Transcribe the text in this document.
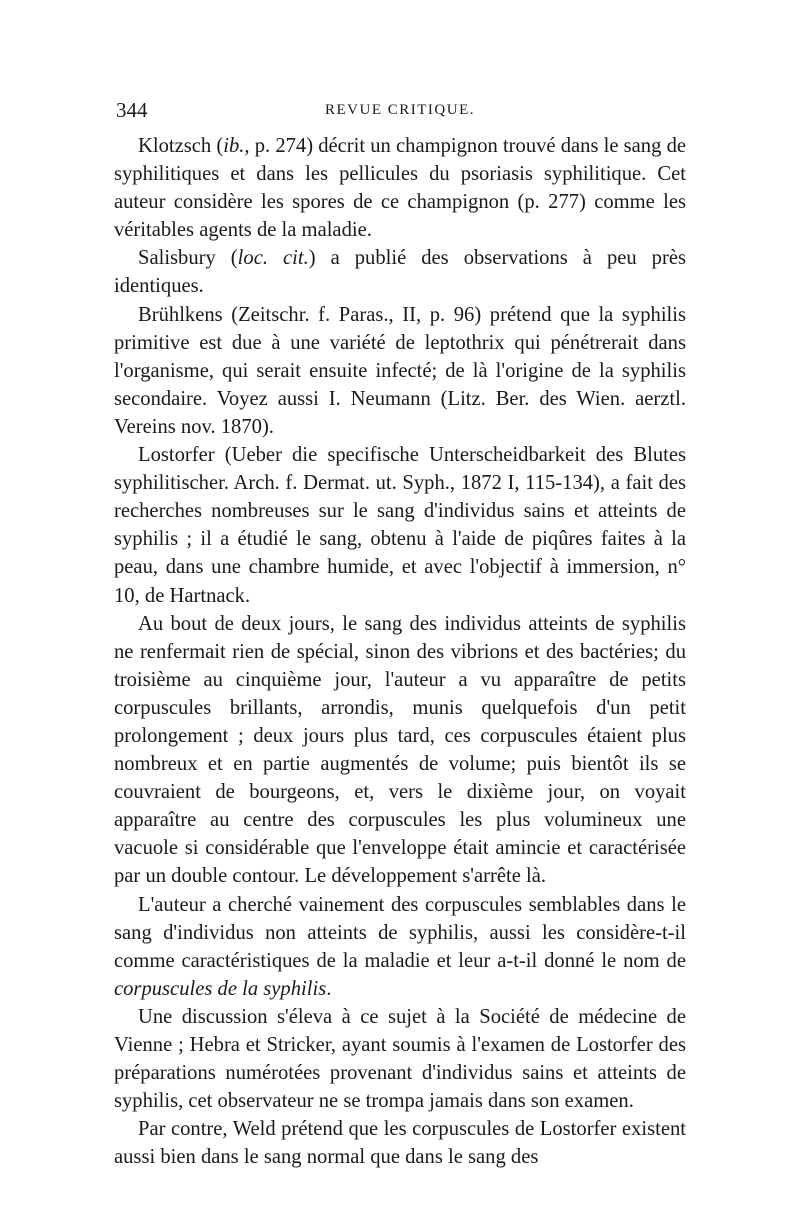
344	REVUE CRITIQUE.

Klotzsch (ib., p. 274) décrit un champignon trouvé dans le sang de syphilitiques et dans les pellicules du psoriasis syphilitique. Cet auteur considère les spores de ce champignon (p. 277) comme les véritables agents de la maladie.

Salisbury (loc. cit.) a publié des observations à peu près identiques.

Brühlkens (Zeitschr. f. Paras., II, p. 96) prétend que la syphilis primitive est due à une variété de leptothrix qui pénétrerait dans l'organisme, qui serait ensuite infecté; de là l'origine de la syphilis secondaire. Voyez aussi I. Neumann (Litz. Ber. des Wien. aerztl. Vereins nov. 1870).

Lostorfer (Ueber die specifische Unterscheidbarkeit des Blutes syphilitischer. Arch. f. Dermat. ut. Syph., 1872 I, 115-134), a fait des recherches nombreuses sur le sang d'individus sains et atteints de syphilis ; il a étudié le sang, obtenu à l'aide de piqûres faites à la peau, dans une chambre humide, et avec l'objectif à immersion, n° 10, de Hartnack.

Au bout de deux jours, le sang des individus atteints de syphilis ne renfermait rien de spécial, sinon des vibrions et des bactéries; du troisième au cinquième jour, l'auteur a vu apparaître de petits corpuscules brillants, arrondis, munis quelquefois d'un petit prolongement ; deux jours plus tard, ces corpuscules étaient plus nombreux et en partie augmentés de volume; puis bientôt ils se couvraient de bourgeons, et, vers le dixième jour, on voyait apparaître au centre des corpuscules les plus volumineux une vacuole si considérable que l'enveloppe était amincie et caractérisée par un double contour. Le développement s'arrête là.

L'auteur a cherché vainement des corpuscules semblables dans le sang d'individus non atteints de syphilis, aussi les considère-t-il comme caractéristiques de la maladie et leur a-t-il donné le nom de corpuscules de la syphilis.

Une discussion s'éleva à ce sujet à la Société de médecine de Vienne ; Hebra et Stricker, ayant soumis à l'examen de Lostorfer des préparations numérotées provenant d'individus sains et atteints de syphilis, cet observateur ne se trompa jamais dans son examen.

Par contre, Weld prétend que les corpuscules de Lostorfer existent aussi bien dans le sang normal que dans le sang des
